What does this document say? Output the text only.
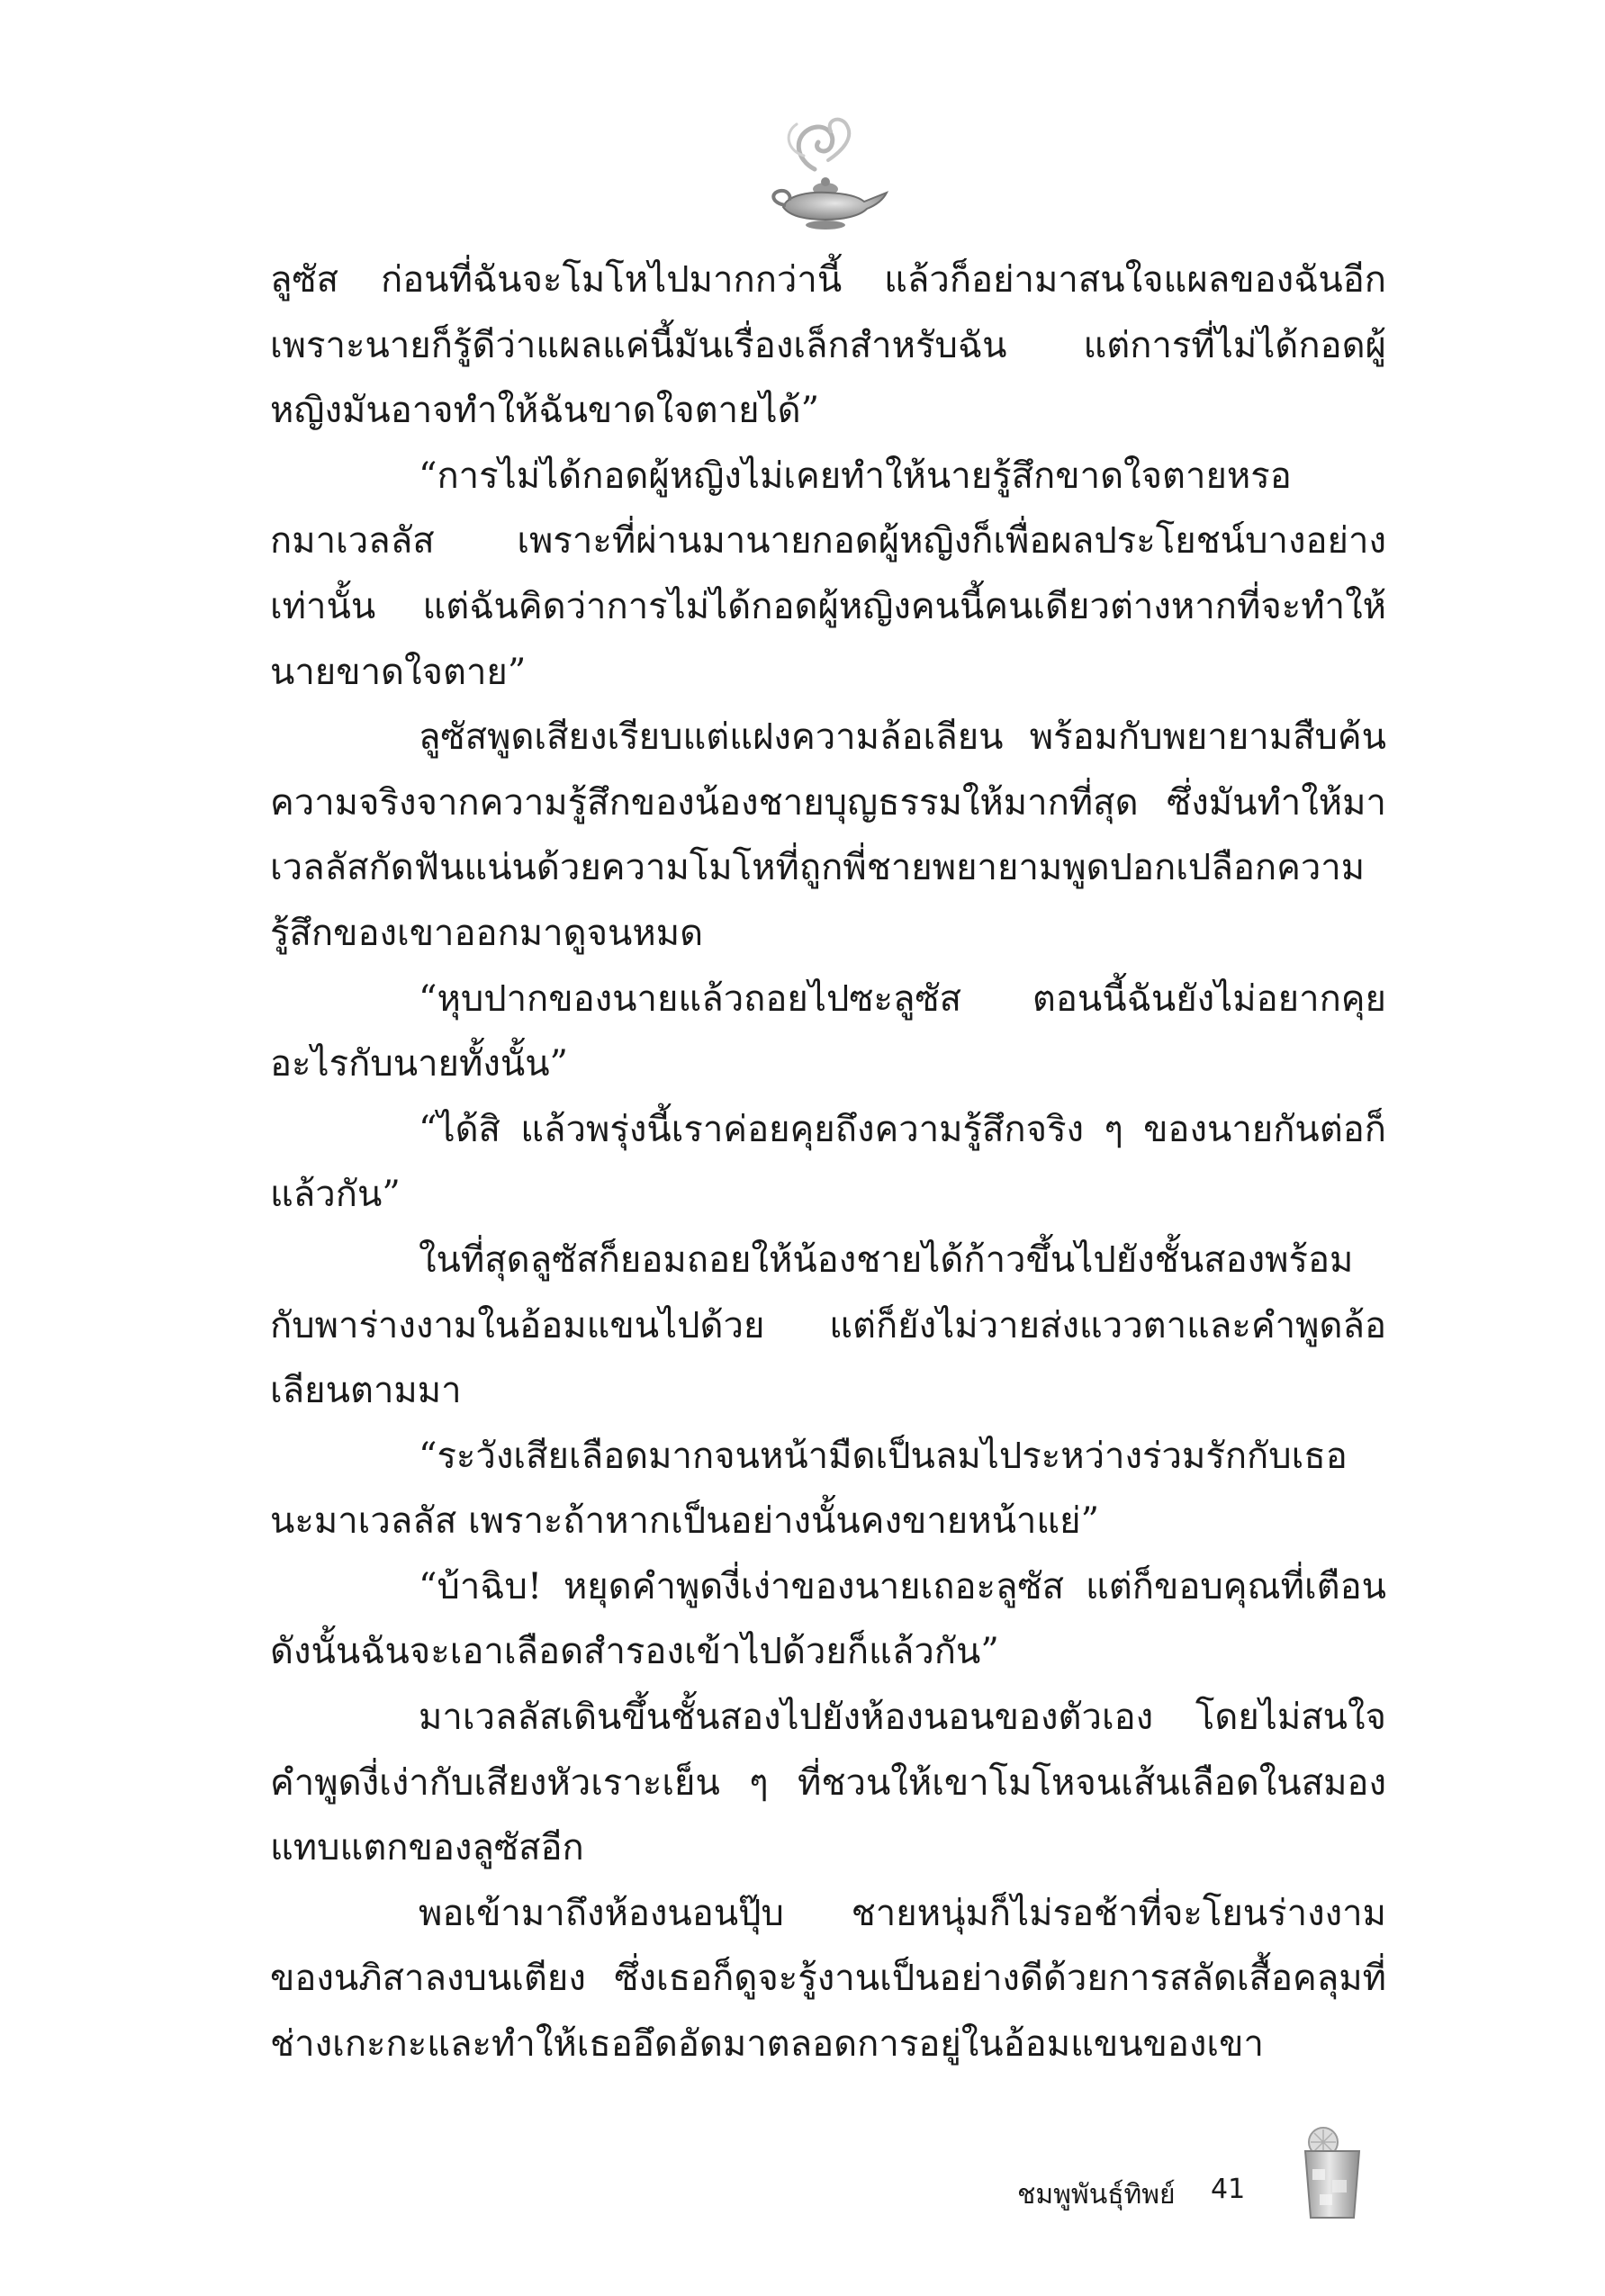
ลูซัส ก่อนที่ฉันจะโมโหไปมากกว่านี้ แล้วก็อย่ามาสนใจแผลของฉันอีก เพราะนายก็รู้ดีว่าแผลแค่นี้มันเรื่องเล็กสำหรับฉัน แต่การที่ไม่ได้กอดผู้หญิงมันอาจทำให้ฉันขาดใจตายได้”

“การไม่ได้กอดผู้หญิงไม่เคยทำให้นายรู้สึกขาดใจตายหรอกมาเวลลัส เพราะที่ผ่านมานายกอดผู้หญิงก็เพื่อผลประโยชน์บางอย่างเท่านั้น แต่ฉันคิดว่าการไม่ได้กอดผู้หญิงคนนี้คนเดียวต่างหากที่จะทำให้นายขาดใจตาย”

ลูซัสพูดเสียงเรียบแต่แฝงความล้อเลียน พร้อมกับพยายามสืบค้นความจริงจากความรู้สึกของน้องชายบุญธรรมให้มากที่สุด ซึ่งมันทำให้มาเวลลัสกัดฟันแน่นด้วยความโมโหที่ถูกพี่ชายพยายามพูดปอกเปลือกความรู้สึกของเขาออกมาดูจนหมด

“หุบปากของนายแล้วถอยไปซะลูซัส ตอนนี้ฉันยังไม่อยากคุยอะไรกับนายทั้งนั้น”

“ได้สิ แล้วพรุ่งนี้เราค่อยคุยถึงความรู้สึกจริง ๆ ของนายกันต่อก็แล้วกัน”

ในที่สุดลูซัสก็ยอมถอยให้น้องชายได้ก้าวขึ้นไปยังชั้นสองพร้อมกับพาร่างงามในอ้อมแขนไปด้วย แต่ก็ยังไม่วายส่งแววตาและคำพูดล้อเลียนตามมา

“ระวังเสียเลือดมากจนหน้ามืดเป็นลมไประหว่างร่วมรักกับเธอนะมาเวลลัส เพราะถ้าหากเป็นอย่างนั้นคงขายหน้าแย่”

“บ้าฉิบ! หยุดคำพูดงี่เง่าของนายเถอะลูซัส แต่ก็ขอบคุณที่เตือนดังนั้นฉันจะเอาเลือดสำรองเข้าไปด้วยก็แล้วกัน”

มาเวลลัสเดินขึ้นชั้นสองไปยังห้องนอนของตัวเอง โดยไม่สนใจคำพูดงี่เง่ากับเสียงหัวเราะเย็น ๆ ที่ชวนให้เขาโมโหจนเส้นเลือดในสมองแทบแตกของลูซัสอีก

พอเข้ามาถึงห้องนอนปุ๊บ ชายหนุ่มก็ไม่รอช้าที่จะโยนร่างงามของนภิสาลงบนเตียง ซึ่งเธอก็ดูจะรู้งานเป็นอย่างดีด้วยการสลัดเสื้อคลุมที่ช่างเกะกะและทำให้เธออึดอัดมาตลอดการอยู่ในอ้อมแขนของเขา

ชมพูพันธุ์ทิพย์ 41
